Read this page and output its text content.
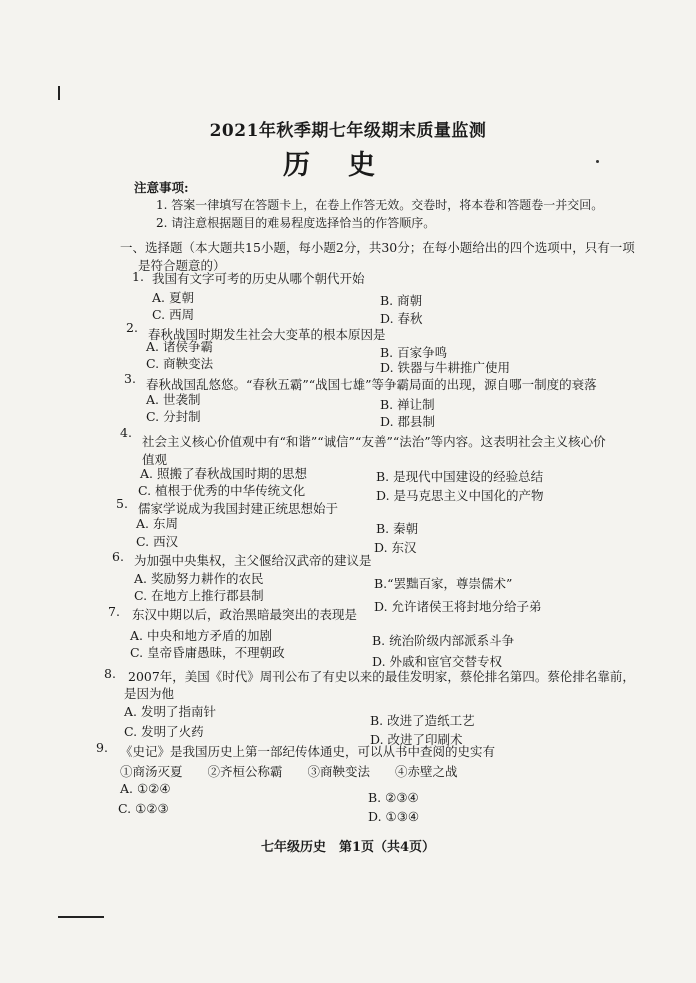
2021年秋季期七年级期末质量监测
历史
注意事项:
1. 答案一律填写在答题卡上，在卷上作答无效。交卷时，将本卷和答题卷一并交回。
2. 请注意根据题目的难易程度选择恰当的作答顺序。
一、选择题（本大题共15小题，每小题2分，共30分；在每小题给出的四个选项中，只有一项
是符合题意的）
1. 我国有文字可考的历史从哪个朝代开始
A. 夏朝	B. 商朝
C. 西周	D. 春秋
2. 春秋战国时期发生社会大变革的根本原因是
A. 诸侯争霸	B. 百家争鸣
C. 商鞅变法	D. 铁器与牛耕推广使用
3. 春秋战国乱悠悠。“春秋五霸”“战国七雄”等争霸局面的出现，源自哪一制度的衰落
A. 世袭制	B. 禅让制
C. 分封制	D. 郡县制
4.
社会主义核心价值观中有“和谐”“诚信”“友善”“法治”等内容。这表明社会主义核心价
值观
A. 照搬了春秋战国时期的思想	B. 是现代中国建设的经验总结
C. 植根于优秀的中华传统文化	D. 是马克思主义中国化的产物
5. 儒家学说成为我国封建正统思想始于
A. 东周	B. 秦朝
C. 西汉	D. 东汉
6. 为加强中央集权，主父偃给汉武帝的建议是
A. 奖励努力耕作的农民	B.“罢黜百家，尊崇儒术”
C. 在地方上推行郡县制
D. 允许诸侯王将封地分给子弟
7. 东汉中期以后，政治黑暗最突出的表现是
A. 中央和地方矛盾的加剧	B. 统治阶级内部派系斗争
C. 皇帝昏庸愚昧，不理朝政
D. 外戚和宦官交替专权
8. 2007年，美国《时代》周刊公布了有史以来的最佳发明家，蔡伦排名第四。蔡伦排名靠前，
是因为他
A. 发明了指南针
B. 改进了造纸工艺
C. 发明了火药
D. 改进了印刷术
9. 《史记》是我国历史上第一部纪传体通史，可以从书中查阅的史实有
①商汤灭夏　　②齐桓公称霸　　③商鞅变法　　④赤壁之战
A. ①②④
B. ②③④
C. ①②③
D. ①③④
七年级历史　第1页（共4页）
